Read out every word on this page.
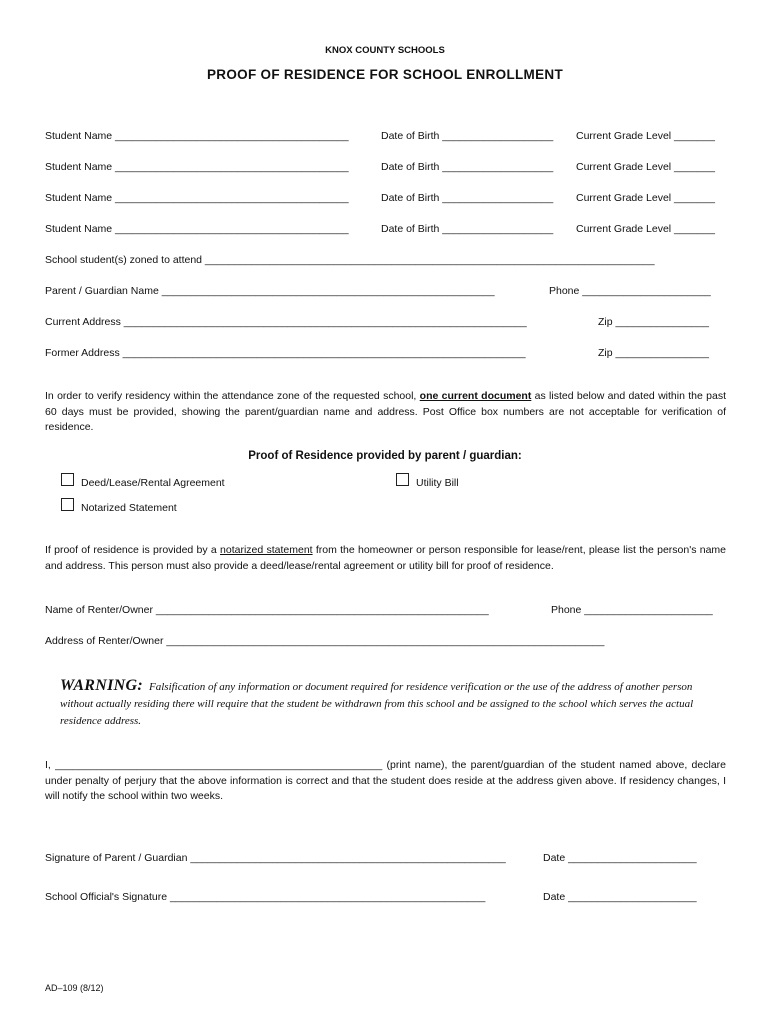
KNOX COUNTY SCHOOLS
PROOF OF RESIDENCE FOR SCHOOL ENROLLMENT
Student Name ________________________________________	Date of Birth ___________________ Current Grade Level _______
Student Name ________________________________________	Date of Birth ___________________ Current Grade Level _______
Student Name ________________________________________	Date of Birth ___________________ Current Grade Level _______
Student Name ________________________________________	Date of Birth ___________________ Current Grade Level _______
School student(s) zoned to attend _____________________________________________________________________________
Parent / Guardian Name _________________________________________________________	Phone ______________________
Current Address _____________________________________________________________________	Zip ________________
Former Address _____________________________________________________________________	Zip ________________
In order to verify residency within the attendance zone of the requested school, one current document as listed below and dated within the past 60 days must be provided, showing the parent/guardian name and address. Post Office box numbers are not acceptable for verification of residence.
Proof of Residence provided by parent / guardian:
Deed/Lease/Rental Agreement	Utility Bill
Notarized Statement
If proof of residence is provided by a notarized statement from the homeowner or person responsible for lease/rent, please list the person's name and address. This person must also provide a deed/lease/rental agreement or utility bill for proof of residence.
Name of Renter/Owner _________________________________________________________	Phone ______________________
Address of Renter/Owner ___________________________________________________________________________
WARNING: Falsification of any information or document required for residence verification or the use of the address of another person without actually residing there will require that the student be withdrawn from this school and be assigned to the school which serves the actual residence address.
I, ________________________________________________________ (print name), the parent/guardian of the student named above, declare under penalty of perjury that the above information is correct and that the student does reside at the address given above. If residency changes, I will notify the school within two weeks.
Signature of Parent / Guardian ______________________________________________________	Date ______________________
School Official's Signature ______________________________________________________	Date ______________________
AD–109 (8/12)
